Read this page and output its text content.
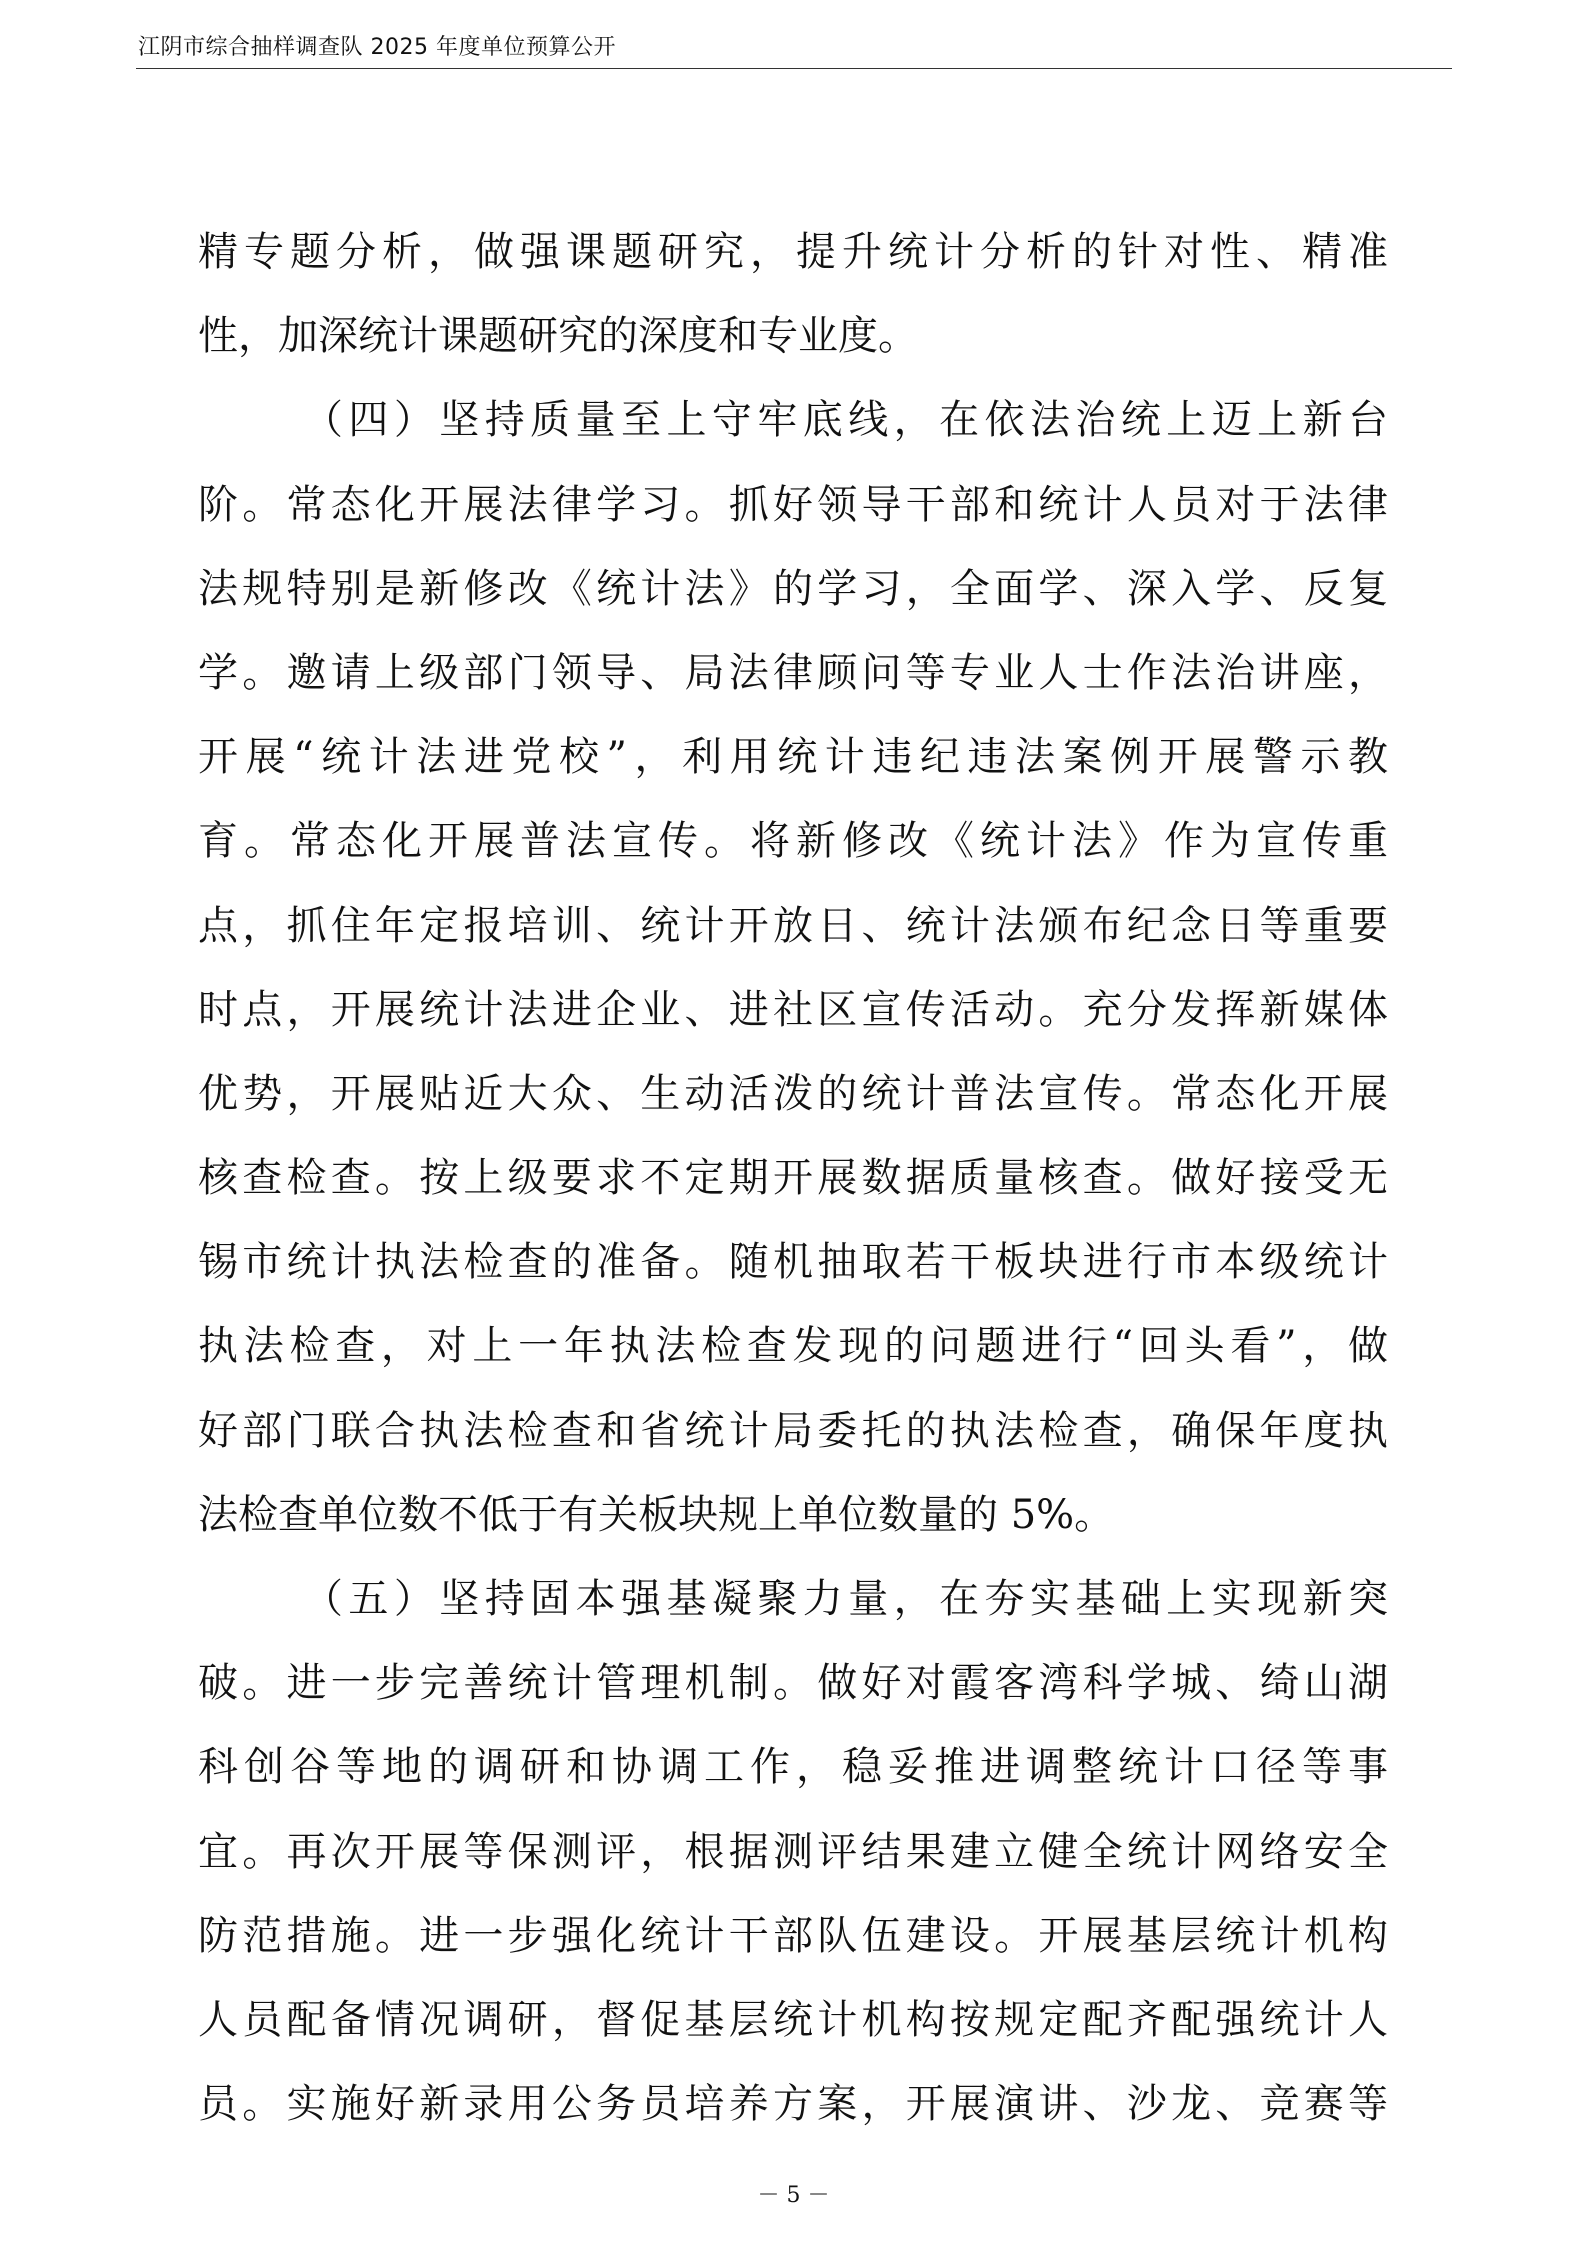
江阴市综合抽样调查队 2025 年度单位预算公开
精专题分析，做强课题研究，提升统计分析的针对性、精准
性，加深统计课题研究的深度和专业度。
（四）坚持质量至上守牢底线，在依法治统上迈上新台
阶。常态化开展法律学习。抓好领导干部和统计人员对于法律
法规特别是新修改《统计法》的学习，全面学、深入学、反复
学。邀请上级部门领导、局法律顾问等专业人士作法治讲座，
开展“统计法进党校”，利用统计违纪违法案例开展警示教
育。常态化开展普法宣传。将新修改《统计法》作为宣传重
点，抓住年定报培训、统计开放日、统计法颁布纪念日等重要
时点，开展统计法进企业、进社区宣传活动。充分发挥新媒体
优势，开展贴近大众、生动活泼的统计普法宣传。常态化开展
核查检查。按上级要求不定期开展数据质量核查。做好接受无
锡市统计执法检查的准备。随机抽取若干板块进行市本级统计
执法检查，对上一年执法检查发现的问题进行“回头看”，做
好部门联合执法检查和省统计局委托的执法检查，确保年度执
法检查单位数不低于有关板块规上单位数量的 5%。
（五）坚持固本强基凝聚力量，在夯实基础上实现新突
破。进一步完善统计管理机制。做好对霞客湾科学城、绮山湖
科创谷等地的调研和协调工作，稳妥推进调整统计口径等事
宜。再次开展等保测评，根据测评结果建立健全统计网络安全
防范措施。进一步强化统计干部队伍建设。开展基层统计机构
人员配备情况调研，督促基层统计机构按规定配齐配强统计人
员。实施好新录用公务员培养方案，开展演讲、沙龙、竞赛等
－ 5 －
